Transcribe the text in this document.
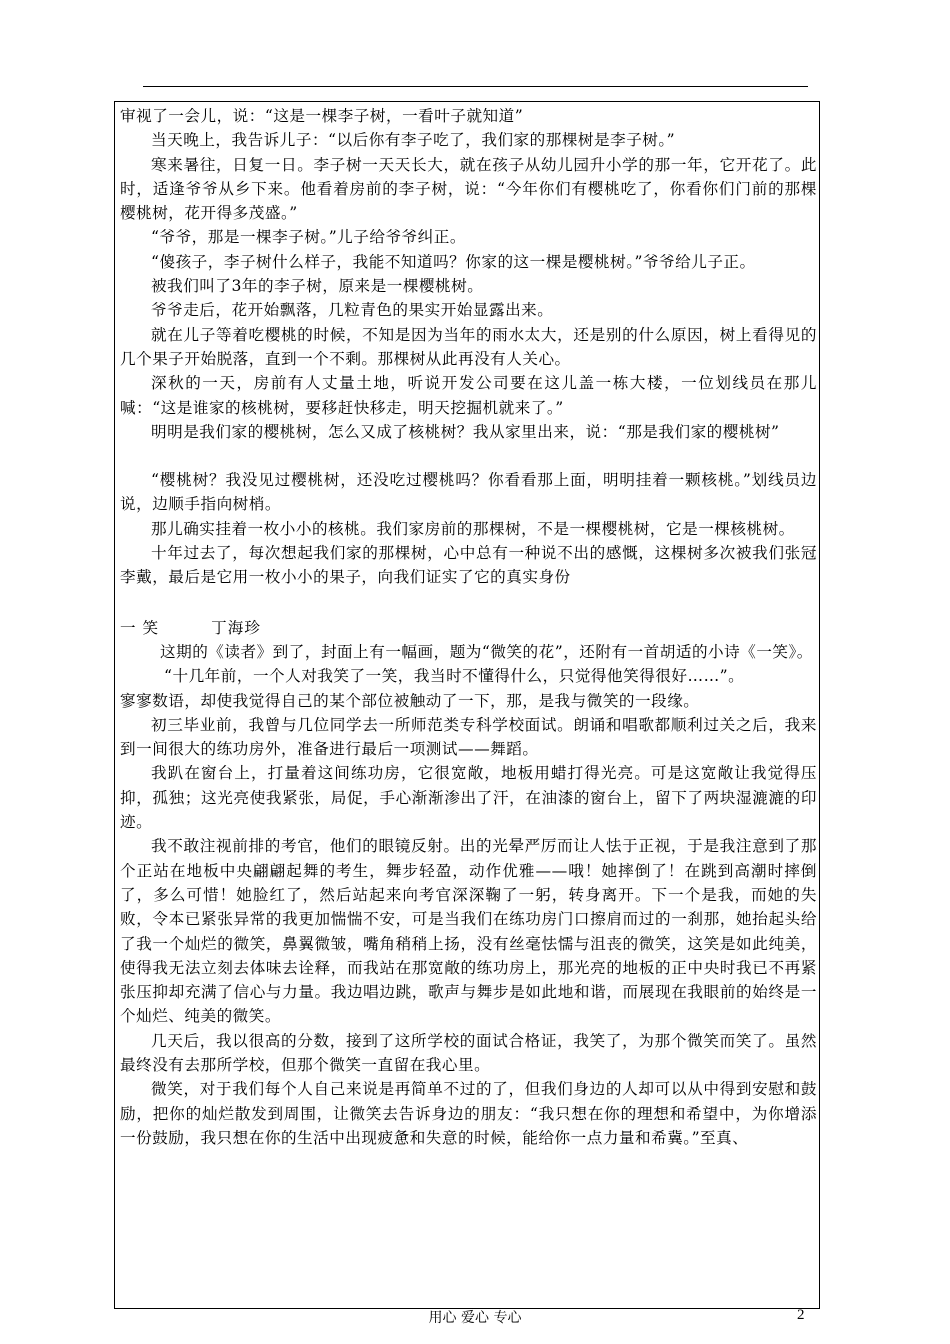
审视了一会儿，说：“这是一棵李子树，一看叶子就知道”

当天晚上，我告诉儿子：“以后你有李子吃了，我们家的那棵树是李子树。”

寒来暑往，日复一日。李子树一天天长大，就在孩子从幼儿园升小学的那一年，它开花了。此时，适逢爷爷从乡下来。他看着房前的李子树，说：“今年你们有樱桃吃了，你看你们门前的那棵樱桃树，花开得多茂盛。”

“爷爷，那是一棵李子树。”儿子给爷爷纠正。

“傻孩子，李子树什么样子，我能不知道吗？你家的这一棵是樱桃树。”爷爷给儿子正。

被我们叫了3年的李子树，原来是一棵樱桃树。

爷爷走后，花开始飘落，几粒青色的果实开始显露出来。

就在儿子等着吃樱桃的时候，不知是因为当年的雨水太大，还是别的什么原因，树上看得见的几个果子开始脱落，直到一个不剩。那棵树从此再没有人关心。

深秋的一天，房前有人丈量土地，听说开发公司要在这儿盖一栋大楼，一位划线员在那儿喊：“这是谁家的核桃树，要移赶快移走，明天挖掘机就来了。”

明明是我们家的樱桃树，怎么又成了核桃树？我从家里出来，说：“那是我们家的樱桃树”

“樱桃树？我没见过樱桃树，还没吃过樱桃吗？你看看那上面，明明挂着一颗核桃。”划线员边说，边顺手指向树梢。

那儿确实挂着一枚小小的核桃。我们家房前的那棵树，不是一棵樱桃树，它是一棵核桃树。

十年过去了，每次想起我们家的那棵树，心中总有一种说不出的感慨，这棵树多次被我们张冠李戴，最后是它用一枚小小的果子，向我们证实了它的真实身份

一 笑	丁海珍

这期的《读者》到了，封面上有一幅画，题为“微笑的花”，还附有一首胡适的小诗《一笑》。

“十几年前，一个人对我笑了一笑，我当时不懂得什么，只觉得他笑得很好……”。

寥寥数语，却使我觉得自己的某个部位被触动了一下，那，是我与微笑的一段缘。

初三毕业前，我曾与几位同学去一所师范类专科学校面试。朗诵和唱歌都顺利过关之后，我来到一间很大的练功房外，准备进行最后一项测试——舞蹈。

我趴在窗台上，打量着这间练功房，它很宽敞，地板用蜡打得光亮。可是这宽敞让我觉得压抑，孤独；这光亮使我紧张，局促，手心渐渐渗出了汗，在油漆的窗台上，留下了两块湿漉漉的印迹。

我不敢注视前排的考官，他们的眼镜反射。出的光晕严厉而让人怯于正视，于是我注意到了那个正站在地板中央翩翩起舞的考生，舞步轻盈，动作优雅——哦！她摔倒了！在跳到高潮时摔倒了，多么可惜！她脸红了，然后站起来向考官深深鞠了一躬，转身离开。下一个是我，而她的失败，令本已紧张异常的我更加惴惴不安，可是当我们在练功房门口擦肩而过的一刹那，她抬起头给了我一个灿烂的微笑，鼻翼微皱，嘴角稍稍上扬，没有丝毫怯懦与沮丧的微笑，这笑是如此纯美，使得我无法立刻去体味去诠释，而我站在那宽敞的练功房上，那光亮的地板的正中央时我已不再紧张压抑却充满了信心与力量。我边唱边跳，歌声与舞步是如此地和谐，而展现在我眼前的始终是一个灿烂、纯美的微笑。

几天后，我以很高的分数，接到了这所学校的面试合格证，我笑了，为那个微笑而笑了。虽然最终没有去那所学校，但那个微笑一直留在我心里。

微笑，对于我们每个人自己来说是再简单不过的了，但我们身边的人却可以从中得到安慰和鼓励，把你的灿烂散发到周围，让微笑去告诉身边的朋友：“我只想在你的理想和希望中，为你增添一份鼓励，我只想在你的生活中出现疲惫和失意的时候，能给你一点力量和希冀。”至真、

用心 爱心 专心	2
